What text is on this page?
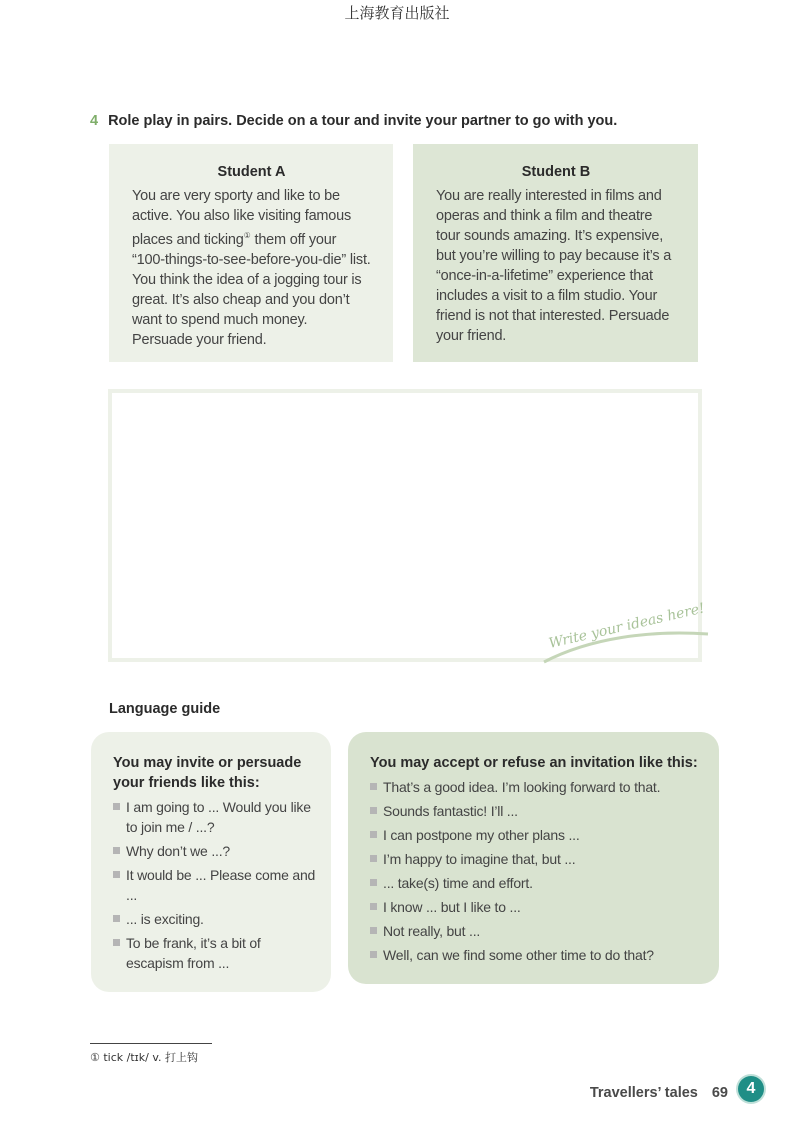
上海教育出版社
4 Role play in pairs. Decide on a tour and invite your partner to go with you.
Student A
You are very sporty and like to be active. You also like visiting famous places and ticking① them off your “100-things-to-see-before-you-die” list. You think the idea of a jogging tour is great. It’s also cheap and you don’t want to spend much money. Persuade your friend.
Student B
You are really interested in films and operas and think a film and theatre tour sounds amazing. It’s expensive, but you’re willing to pay because it’s a “once-in-a-lifetime” experience that includes a visit to a film studio. Your friend is not that interested. Persuade your friend.
Write your ideas here!
Language guide
You may invite or persuade your friends like this:
I am going to ... Would you like to join me / ...?
Why don’t we ...?
It would be ... Please come and ...
... is exciting.
To be frank, it’s a bit of escapism from ...
You may accept or refuse an invitation like this:
That’s a good idea. I’m looking forward to that.
Sounds fantastic! I’ll ...
I can postpone my other plans ...
I’m happy to imagine that, but ...
... take(s) time and effort.
I know ... but I like to ...
Not really, but ...
Well, can we find some other time to do that?
① tick /tɪk/ v. 打上钩
Travellers’ tales 69	4
